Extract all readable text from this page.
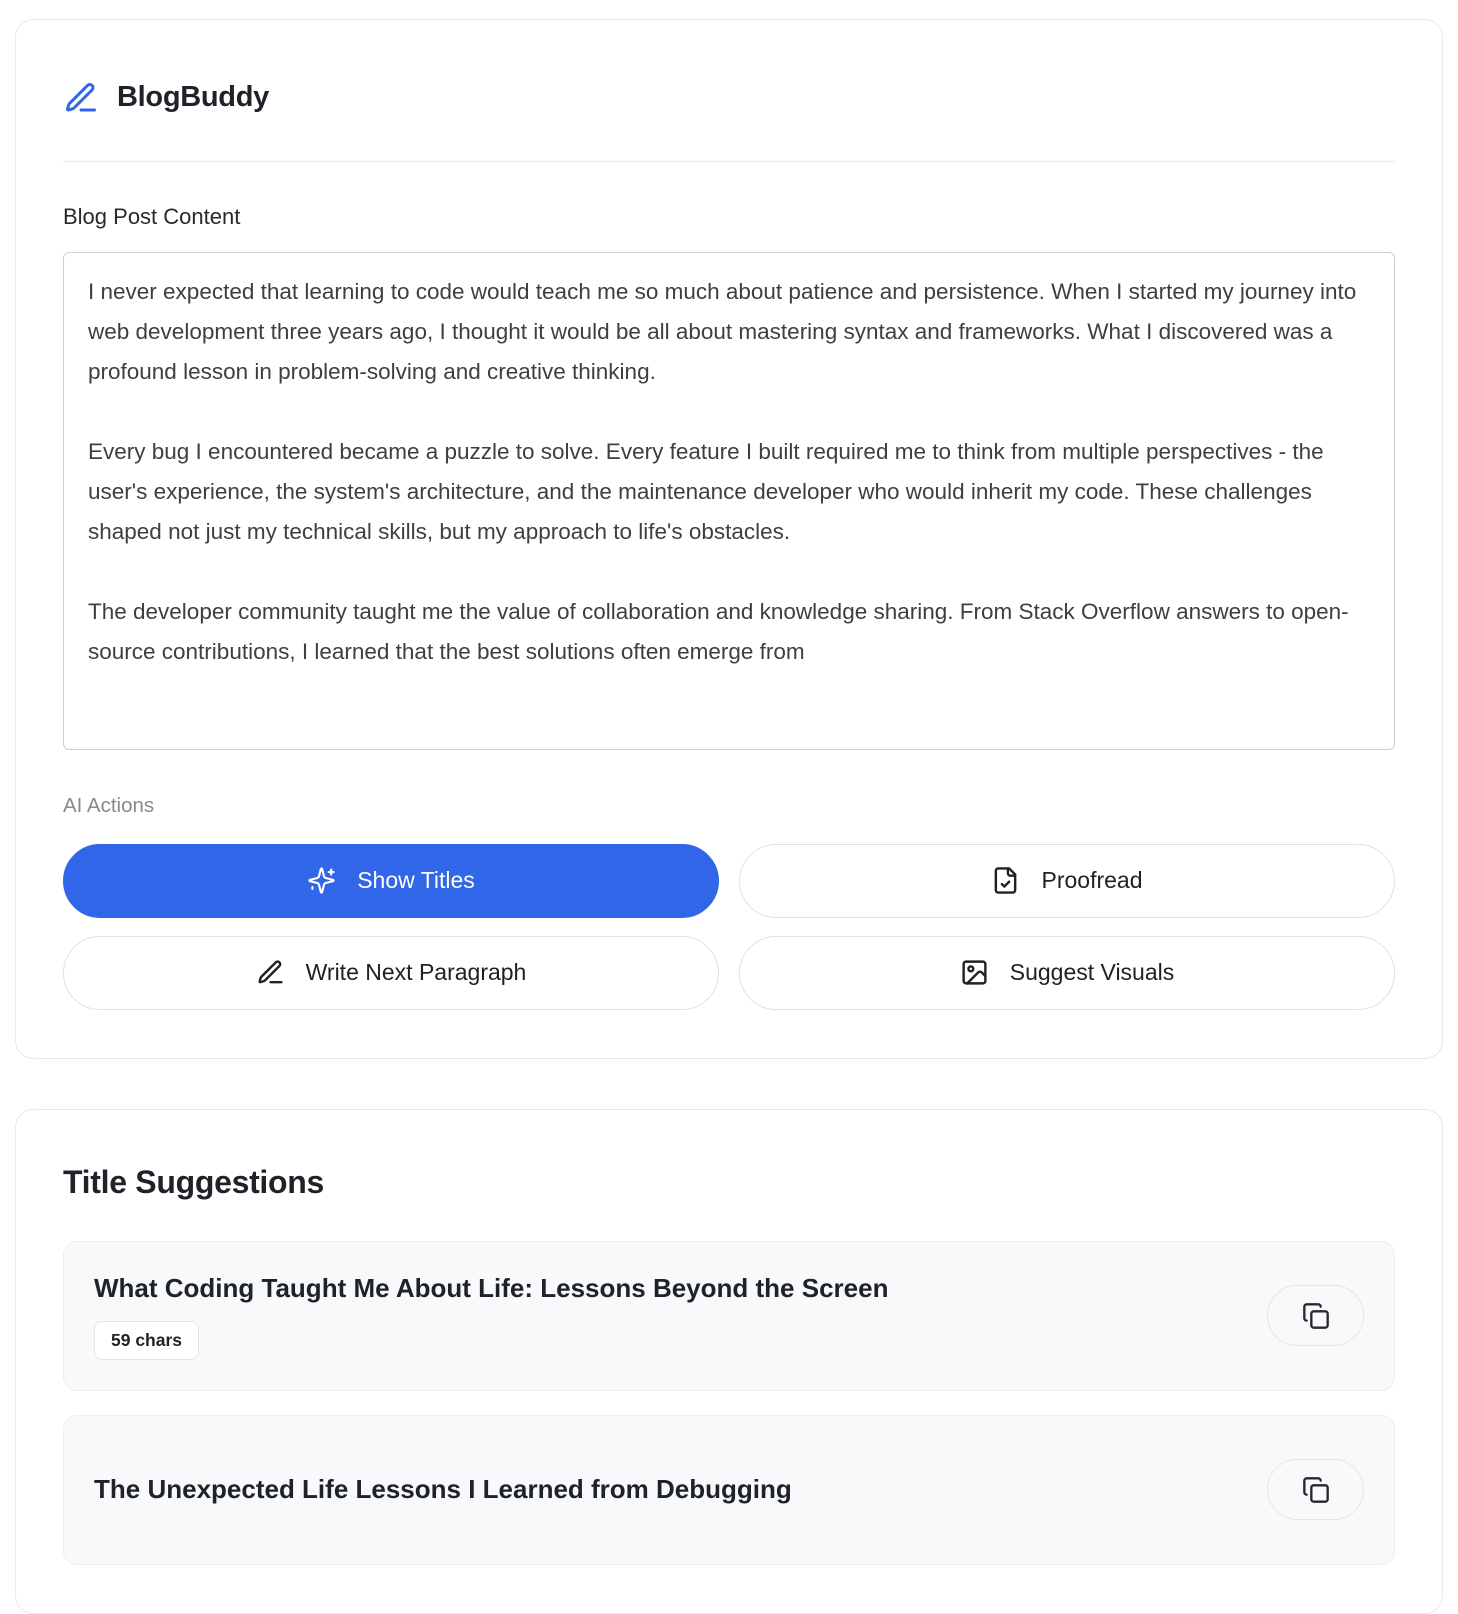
BlogBuddy
Blog Post Content
I never expected that learning to code would teach me so much about patience and persistence. When I started my journey into web development three years ago, I thought it would be all about mastering syntax and frameworks. What I discovered was a profound lesson in problem-solving and creative thinking. Every bug I encountered became a puzzle to solve. Every feature I built required me to think from multiple perspectives - the user's experience, the system's architecture, and the maintenance developer who would inherit my code. These challenges shaped not just my technical skills, but my approach to life's obstacles. The developer community taught me the value of collaboration and knowledge sharing. From Stack Overflow answers to open-source contributions, I learned that the best solutions often emerge from
AI Actions
Show Titles	Proofread
Write Next Paragraph	Suggest Visuals
Title Suggestions
What Coding Taught Me About Life: Lessons Beyond the Screen
59 chars
The Unexpected Life Lessons I Learned from Debugging
